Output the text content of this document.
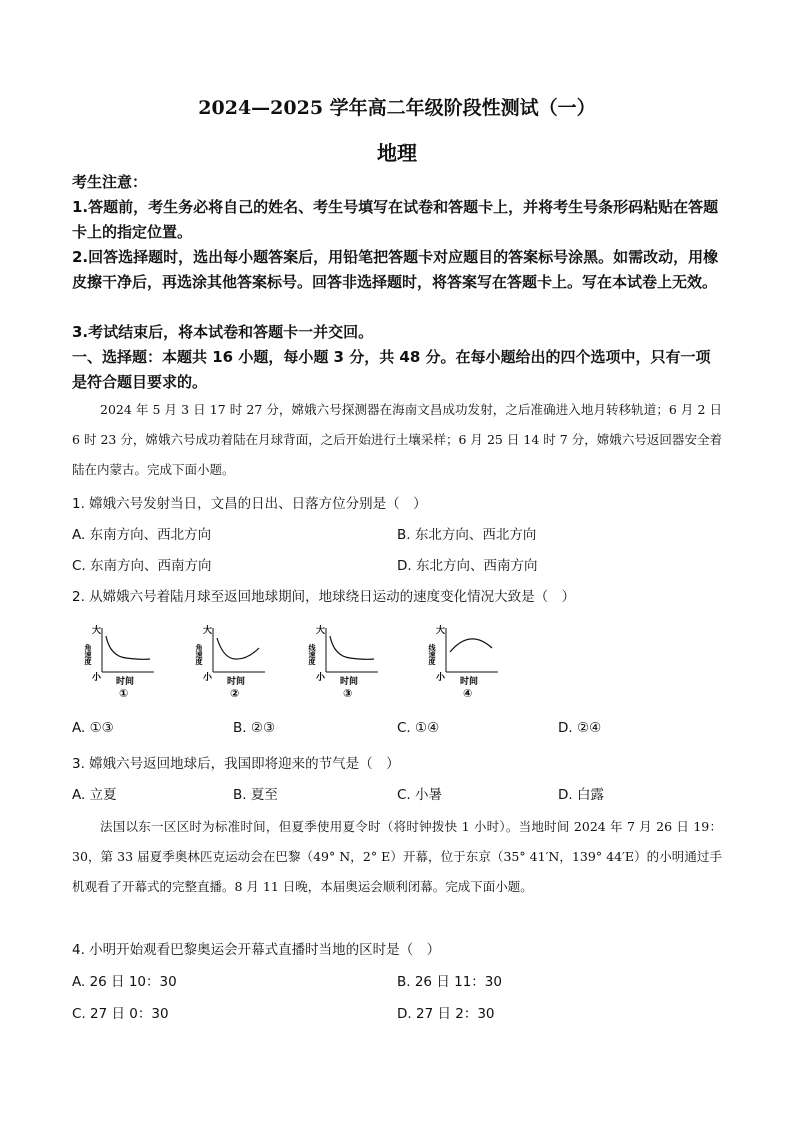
2024—2025 学年高二年级阶段性测试（一）
地理
考生注意：
1.答题前，考生务必将自己的姓名、考生号填写在试卷和答题卡上，并将考生号条形码粘贴在答题卡上的指定位置。
2.回答选择题时，选出每小题答案后，用铅笔把答题卡对应题目的答案标号涂黑。如需改动，用橡皮擦干净后，再选涂其他答案标号。回答非选择题时，将答案写在答题卡上。写在本试卷上无效。
3.考试结束后，将本试卷和答题卡一并交回。
一、选择题：本题共 16 小题，每小题 3 分，共 48 分。在每小题给出的四个选项中，只有一项是符合题目要求的。
2024 年 5 月 3 日 17 时 27 分，嫦娥六号探测器在海南文昌成功发射，之后准确进入地月转移轨道；6 月 2 日 6 时 23 分，嫦娥六号成功着陆在月球背面，之后开始进行土壤采样；6 月 25 日 14 时 7 分，嫦娥六号返回器安全着陆在内蒙古。完成下面小题。
1. 嫦娥六号发射当日，文昌的日出、日落方位分别是（　）
A. 东南方向、西北方向	B. 东北方向、西北方向
C. 东南方向、西南方向	D. 东北方向、西南方向
2. 从嫦娥六号着陆月球至返回地球期间，地球绕日运动的速度变化情况大致是（　）
大
小
角速度
时间
①
大
小
角速度
时间
②
大
小
线速度
时间
③
大
小
线速度
时间
④
A. ①③	B. ②③	C. ①④	D. ②④
3. 嫦娥六号返回地球后，我国即将迎来的节气是（　）
A. 立夏	B. 夏至	C. 小暑	D. 白露
法国以东一区区时为标准时间，但夏季使用夏令时（将时钟拨快 1 小时）。当地时间 2024 年 7 月 26 日 19：30，第 33 届夏季奥林匹克运动会在巴黎（49° N，2° E）开幕，位于东京（35° 41′N，139° 44′E）的小明通过手机观看了开幕式的完整直播。8 月 11 日晚，本届奥运会顺利闭幕。完成下面小题。
4. 小明开始观看巴黎奥运会开幕式直播时当地的区时是（　）
A. 26 日 10：30	B. 26 日 11：30
C. 27 日 0：30	D. 27 日 2：30
